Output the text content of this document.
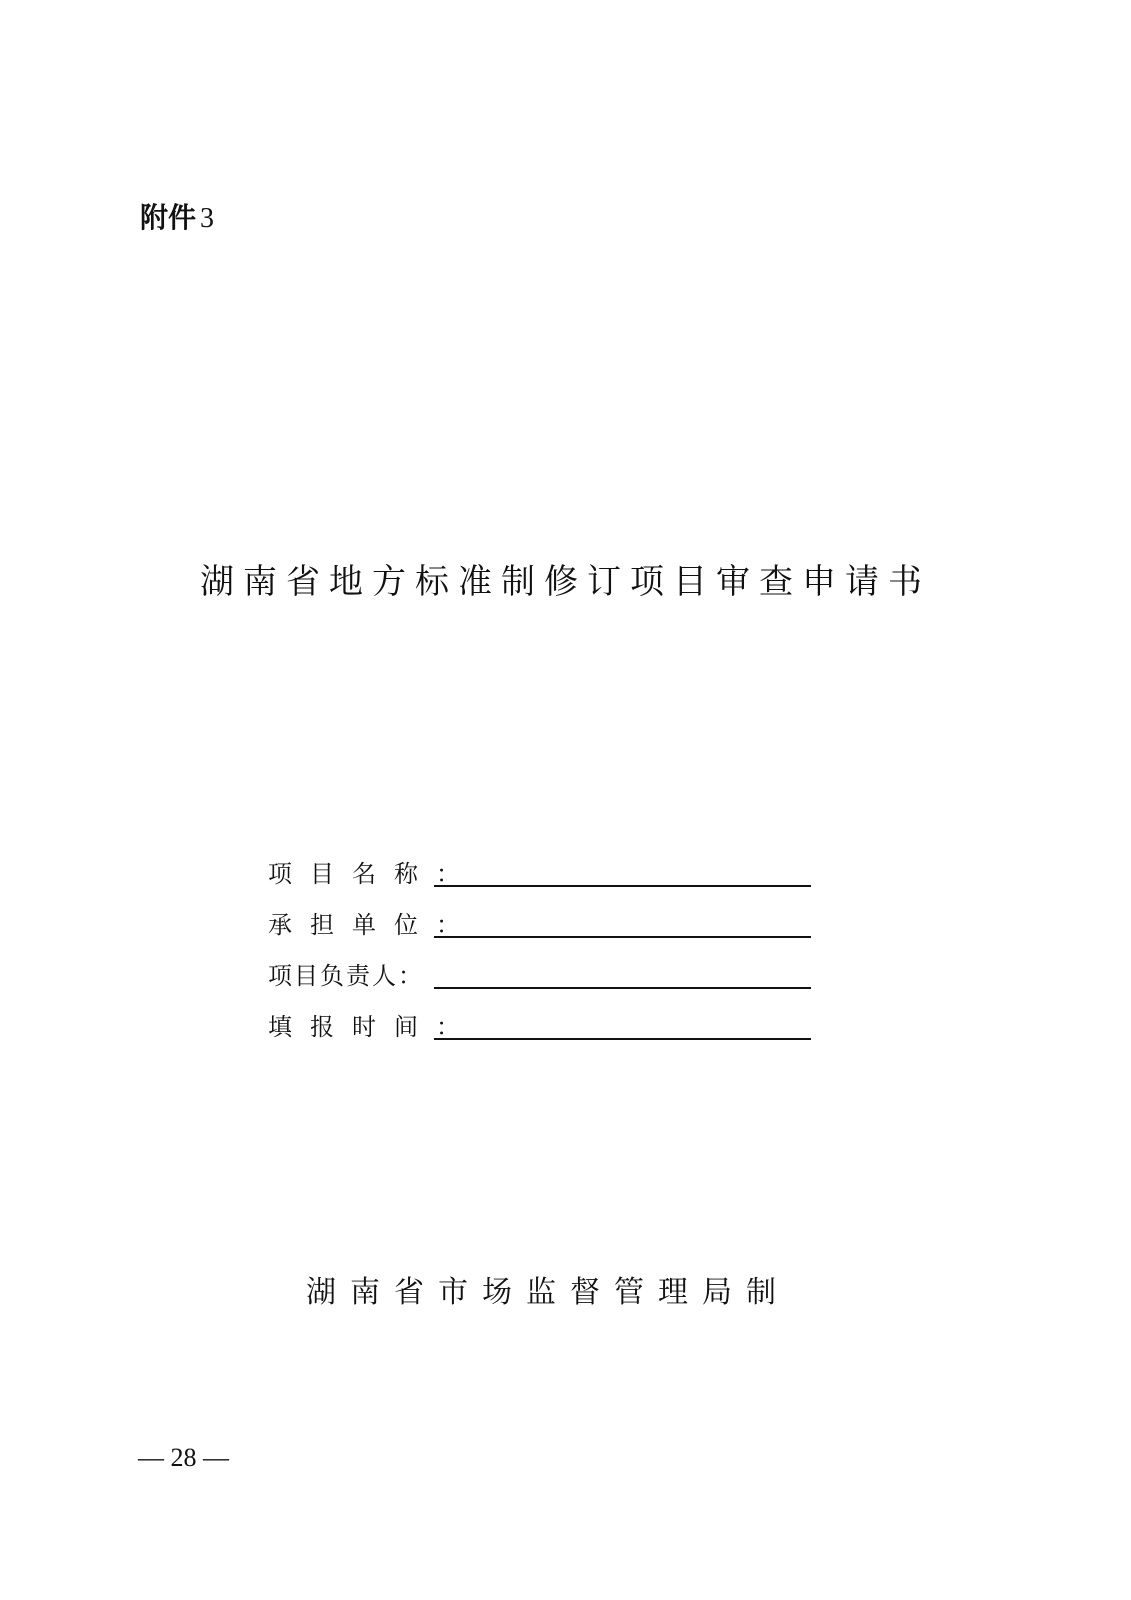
附件 3
湖南省地方标准制修订项目审查申请书
项目名称：
承担单位：
项目负责人：
填报时间：
湖南省市场监督管理局制
— 28 —
